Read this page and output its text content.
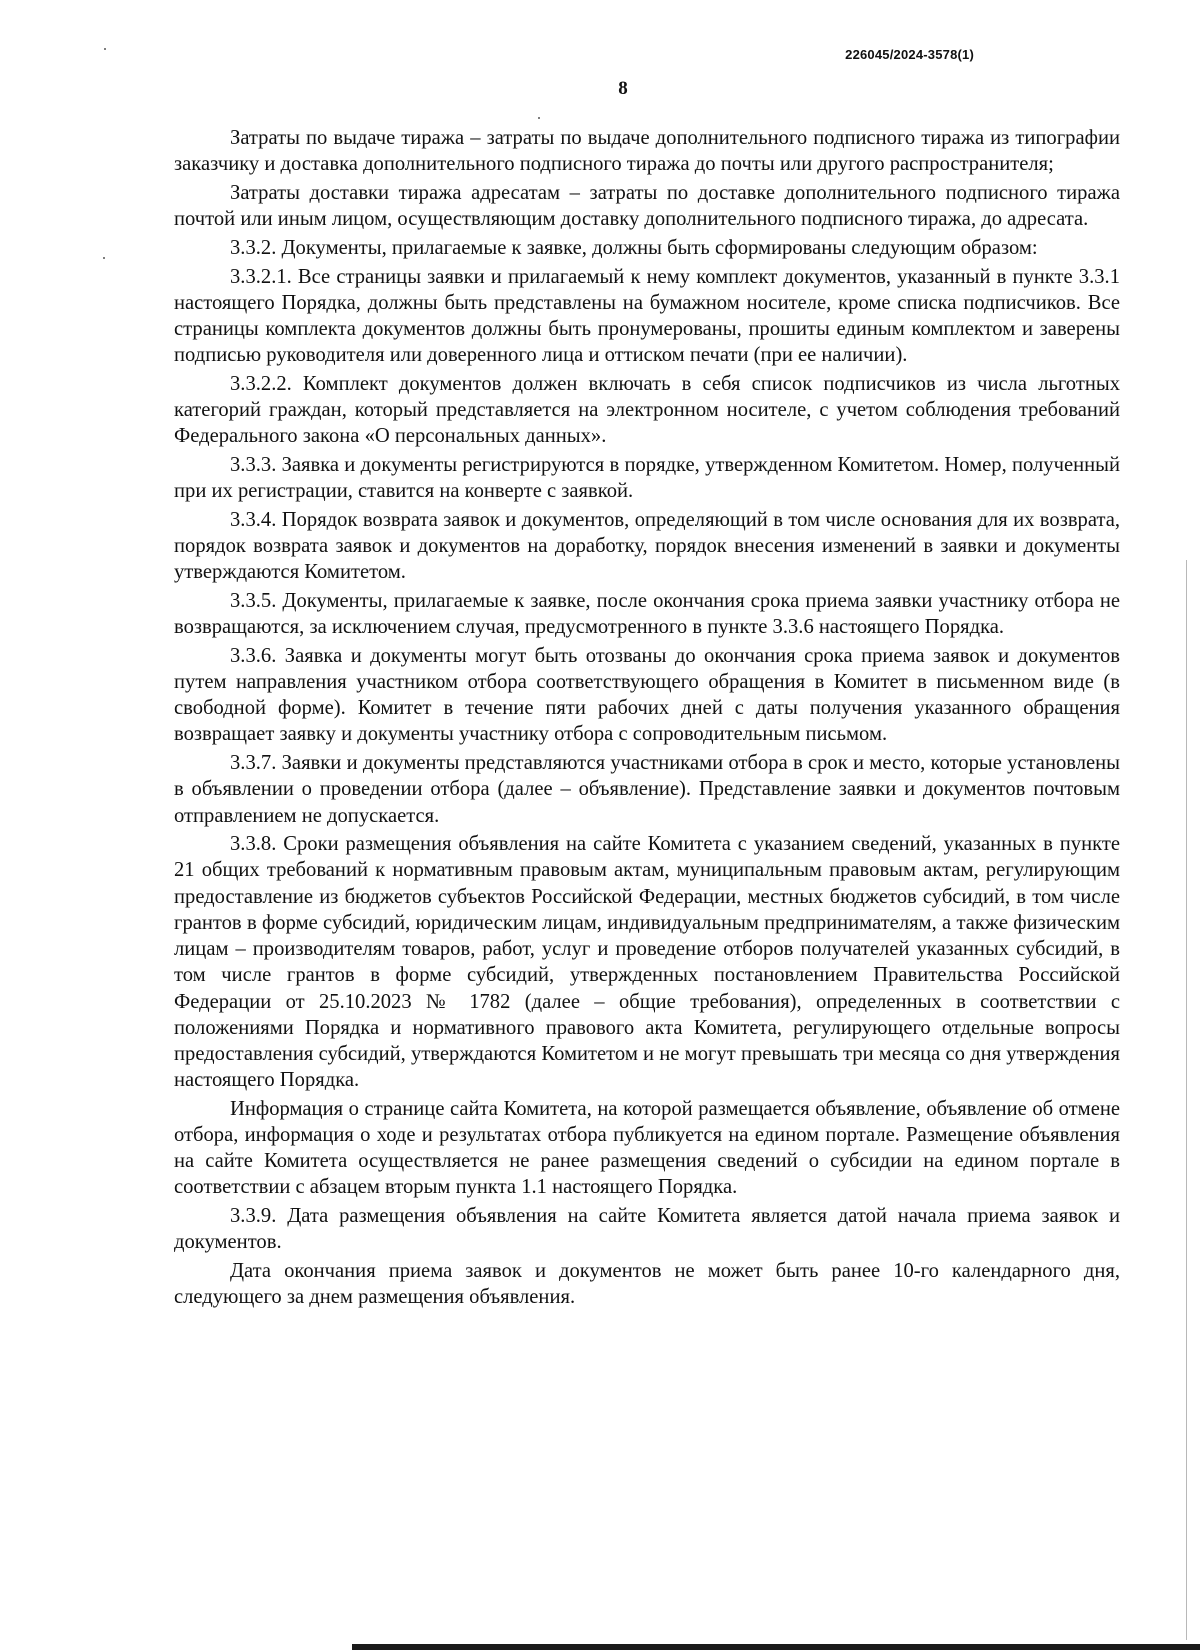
226045/2024-3578(1)
8

Затраты по выдаче тиража – затраты по выдаче дополнительного подписного тиража из типографии заказчику и доставка дополнительного подписного тиража до почты или другого распространителя;

Затраты доставки тиража адресатам – затраты по доставке дополнительного подписного тиража почтой или иным лицом, осуществляющим доставку дополнительного подписного тиража, до адресата.

3.3.2. Документы, прилагаемые к заявке, должны быть сформированы следующим образом:

3.3.2.1. Все страницы заявки и прилагаемый к нему комплект документов, указанный в пункте 3.3.1 настоящего Порядка, должны быть представлены на бумажном носителе, кроме списка подписчиков. Все страницы комплекта документов должны быть пронумерованы, прошиты единым комплектом и заверены подписью руководителя или доверенного лица и оттиском печати (при ее наличии).

3.3.2.2. Комплект документов должен включать в себя список подписчиков из числа льготных категорий граждан, который представляется на электронном носителе, с учетом соблюдения требований Федерального закона «О персональных данных».

3.3.3. Заявка и документы регистрируются в порядке, утвержденном Комитетом. Номер, полученный при их регистрации, ставится на конверте с заявкой.

3.3.4. Порядок возврата заявок и документов, определяющий в том числе основания для их возврата, порядок возврата заявок и документов на доработку, порядок внесения изменений в заявки и документы утверждаются Комитетом.

3.3.5. Документы, прилагаемые к заявке, после окончания срока приема заявки участнику отбора не возвращаются, за исключением случая, предусмотренного в пункте 3.3.6 настоящего Порядка.

3.3.6. Заявка и документы могут быть отозваны до окончания срока приема заявок и документов путем направления участником отбора соответствующего обращения в Комитет в письменном виде (в свободной форме). Комитет в течение пяти рабочих дней с даты получения указанного обращения возвращает заявку и документы участнику отбора с сопроводительным письмом.

3.3.7. Заявки и документы представляются участниками отбора в срок и место, которые установлены в объявлении о проведении отбора (далее – объявление). Представление заявки и документов почтовым отправлением не допускается.

3.3.8. Сроки размещения объявления на сайте Комитета с указанием сведений, указанных в пункте 21 общих требований к нормативным правовым актам, муниципальным правовым актам, регулирующим предоставление из бюджетов субъектов Российской Федерации, местных бюджетов субсидий, в том числе грантов в форме субсидий, юридическим лицам, индивидуальным предпринимателям, а также физическим лицам – производителям товаров, работ, услуг и проведение отборов получателей указанных субсидий, в том числе грантов в форме субсидий, утвержденных постановлением Правительства Российской Федерации от 25.10.2023 № 1782 (далее – общие требования), определенных в соответствии с положениями Порядка и нормативного правового акта Комитета, регулирующего отдельные вопросы предоставления субсидий, утверждаются Комитетом и не могут превышать три месяца со дня утверждения настоящего Порядка.

Информация о странице сайта Комитета, на которой размещается объявление, объявление об отмене отбора, информация о ходе и результатах отбора публикуется на едином портале. Размещение объявления на сайте Комитета осуществляется не ранее размещения сведений о субсидии на едином портале в соответствии с абзацем вторым пункта 1.1 настоящего Порядка.

3.3.9. Дата размещения объявления на сайте Комитета является датой начала приема заявок и документов.

Дата окончания приема заявок и документов не может быть ранее 10-го календарного дня, следующего за днем размещения объявления.
